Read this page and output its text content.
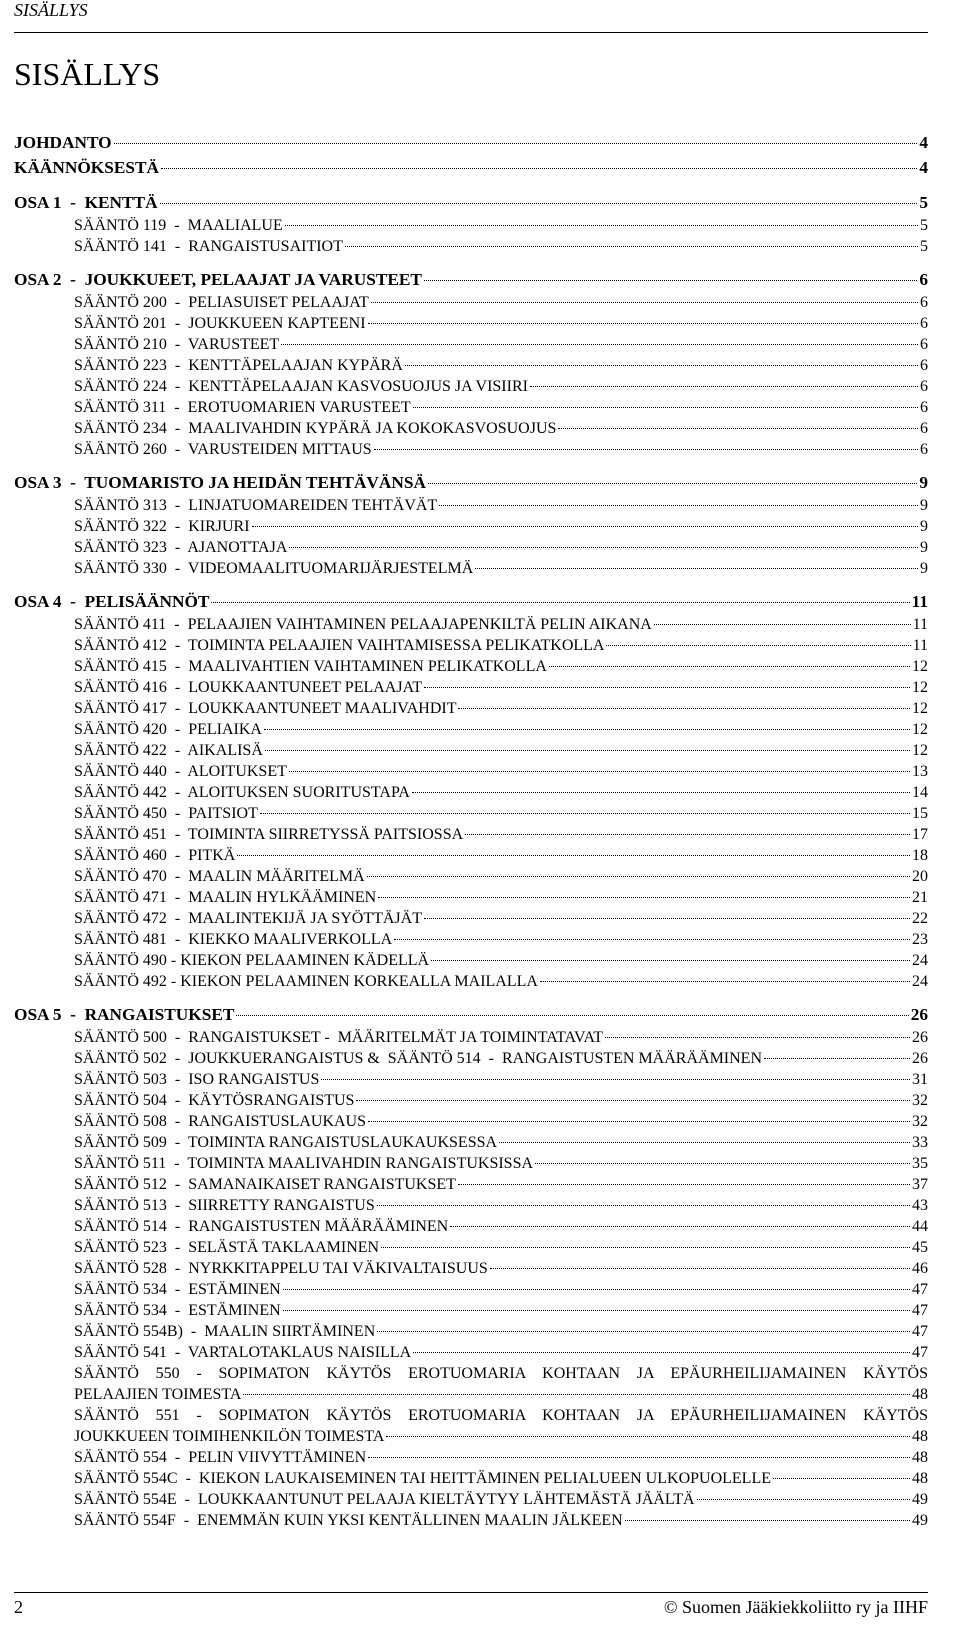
SISÄLLYS
SISÄLLYS
JOHDANTO	4
KÄÄNNÖKSESTÄ	4
OSA 1  -  KENTTÄ	5
SÄÄNTÖ 119  -  MAALIALUE	5
SÄÄNTÖ 141  -  RANGAISTUSAITIOT	5
OSA 2  -  JOUKKUEET, PELAAJAT JA VARUSTEET	6
SÄÄNTÖ 200  -  PELIASUISET PELAAJAT	6
SÄÄNTÖ 201  -  JOUKKUEEN KAPTEENI	6
SÄÄNTÖ 210  -  VARUSTEET	6
SÄÄNTÖ 223  -  KENTTÄPELAAJAN KYPÄRÄ	6
SÄÄNTÖ 224  -  KENTTÄPELAAJAN KASVOSUOJUS JA VISIIRI	6
SÄÄNTÖ 311  -  EROTUOMARIEN VARUSTEET	6
SÄÄNTÖ 234  -  MAALIVAHDIN KYPÄRÄ JA KOKOKASVOSUOJUS	6
SÄÄNTÖ 260  -  VARUSTEIDEN MITTAUS	6
OSA 3  -  TUOMARISTO JA HEIDÄN TEHTÄVÄNSÄ	9
SÄÄNTÖ 313  -  LINJATUOMAREIDEN TEHTÄVÄT	9
SÄÄNTÖ 322  -  KIRJURI	9
SÄÄNTÖ 323  -  AJANOTTAJA	9
SÄÄNTÖ 330  -  VIDEOMAALITUOMARIJÄRJESTELMÄ	9
OSA 4  -  PELISÄÄNNÖT	11
SÄÄNTÖ 411  -  PELAAJIEN VAIHTAMINEN PELAAJAPENKILTÄ PELIN AIKANA	11
SÄÄNTÖ 412  -  TOIMINTA PELAAJIEN VAIHTAMISESSA PELIKATKOLLA	11
SÄÄNTÖ 415  -  MAALIVAHTIEN VAIHTAMINEN PELIKATKOLLA	12
SÄÄNTÖ 416  -  LOUKKAANTUNEET PELAAJAT	12
SÄÄNTÖ 417  -  LOUKKAANTUNEET MAALIVAHDIT	12
SÄÄNTÖ 420  -  PELIAIKA	12
SÄÄNTÖ 422  -  AIKALISÄ	12
SÄÄNTÖ 440  -  ALOITUKSET	13
SÄÄNTÖ 442  -  ALOITUKSEN SUORITUSTAPA	14
SÄÄNTÖ 450  -  PAITSIOT	15
SÄÄNTÖ 451  -  TOIMINTA SIIRRETYSSÄ PAITSIOSSA	17
SÄÄNTÖ 460  -  PITKÄ	18
SÄÄNTÖ 470  -  MAALIN MÄÄRITELMÄ	20
SÄÄNTÖ 471  -  MAALIN HYLKÄÄMINEN	21
SÄÄNTÖ 472  -  MAALINTEKIJÄ JA SYÖTTÄJÄT	22
SÄÄNTÖ 481  -  KIEKKO MAALIVERKOLLA	23
SÄÄNTÖ 490 - KIEKON PELAAMINEN KÄDELLÄ	24
SÄÄNTÖ 492 - KIEKON PELAAMINEN KORKEALLA MAILALLA	24
OSA 5  -  RANGAISTUKSET	26
SÄÄNTÖ 500  -  RANGAISTUKSET -  MÄÄRITELMÄT JA TOIMINTATAVAT	26
SÄÄNTÖ 502  -  JOUKKUERANGAISTUS &  SÄÄNTÖ 514  -  RANGAISTUSTEN MÄÄRÄÄMINEN	26
SÄÄNTÖ 503  -  ISO RANGAISTUS	31
SÄÄNTÖ 504  -  KÄYTÖSRANGAISTUS	32
SÄÄNTÖ 508  -  RANGAISTUSLAUKAUS	32
SÄÄNTÖ 509  -  TOIMINTA RANGAISTUSLAUKAUKSESSA	33
SÄÄNTÖ 511  -  TOIMINTA MAALIVAHDIN RANGAISTUKSISSA	35
SÄÄNTÖ 512  -  SAMANAIKAISET RANGAISTUKSET	37
SÄÄNTÖ 513  -  SIIRRETTY RANGAISTUS	43
SÄÄNTÖ 514  -  RANGAISTUSTEN MÄÄRÄÄMINEN	44
SÄÄNTÖ 523  -  SELÄSTÄ TAKLAAMINEN	45
SÄÄNTÖ 528  -  NYRKKITAPPELU TAI VÄKIVALTAISUUS	46
SÄÄNTÖ 534  -  ESTÄMINEN	47
SÄÄNTÖ 534  -  ESTÄMINEN	47
SÄÄNTÖ 554B)  -  MAALIN SIIRTÄMINEN	47
SÄÄNTÖ 541  -  VARTALOTAKLAUS NAISILLA	47
SÄÄNTÖ 550 - SOPIMATON KÄYTÖS EROTUOMARIA KOHTAAN JA EPÄURHEILIJAMAINEN KÄYTÖS
PELAAJIEN TOIMESTA	48
SÄÄNTÖ 551 - SOPIMATON KÄYTÖS EROTUOMARIA KOHTAAN JA EPÄURHEILIJAMAINEN KÄYTÖS
JOUKKUEEN TOIMIHENKILÖN TOIMESTA	48
SÄÄNTÖ 554  -  PELIN VIIVYTTÄMINEN	48
SÄÄNTÖ 554C  -  KIEKON LAUKAISEMINEN TAI HEITTÄMINEN PELIALUEEN ULKOPUOLELLE	48
SÄÄNTÖ 554E  -  LOUKKAANTUNUT PELAAJA KIELTÄYTYY LÄHTEMÄSTÄ JÄÄLTÄ	49
SÄÄNTÖ 554F  -  ENEMMÄN KUIN YKSI KENTÄLLINEN MAALIN JÄLKEEN	49
2	© Suomen Jääkiekkoliitto ry ja IIHF
